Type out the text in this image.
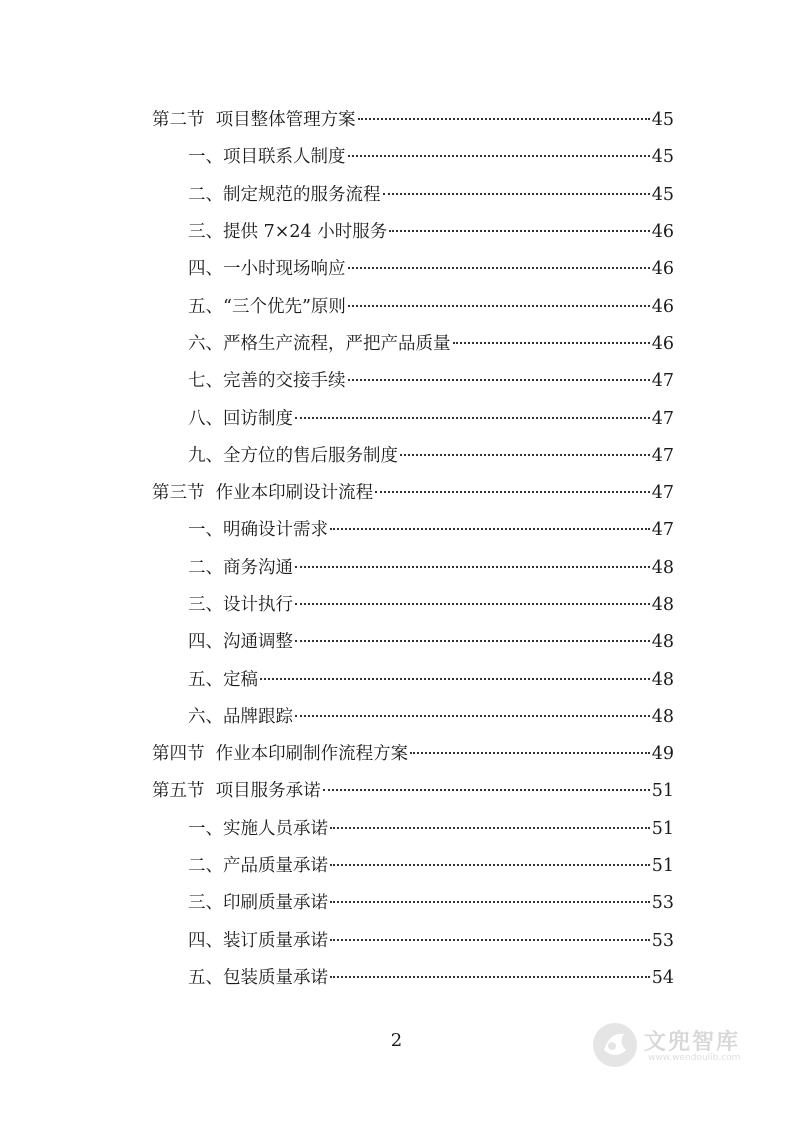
第二节 项目整体管理方案	45
一、 项目联系人制度	45
二、 制定规范的服务流程	45
三、 提供 7×24 小时服务	46
四、 一小时现场响应	46
五、 “三个优先”原则	46
六、 严格生产流程，严把产品质量	46
七、 完善的交接手续	47
八、 回访制度	47
九、 全方位的售后服务制度	47
第三节 作业本印刷设计流程	47
一、 明确设计需求	47
二、 商务沟通	48
三、 设计执行	48
四、 沟通调整	48
五、 定稿	48
六、 品牌跟踪	48
第四节 作业本印刷制作流程方案	49
第五节 项目服务承诺	51
一、 实施人员承诺	51
二、 产品质量承诺	51
三、 印刷质量承诺	53
四、 装订质量承诺	53
五、 包装质量承诺	54
2	文兜智库
www.wendoulib.com
